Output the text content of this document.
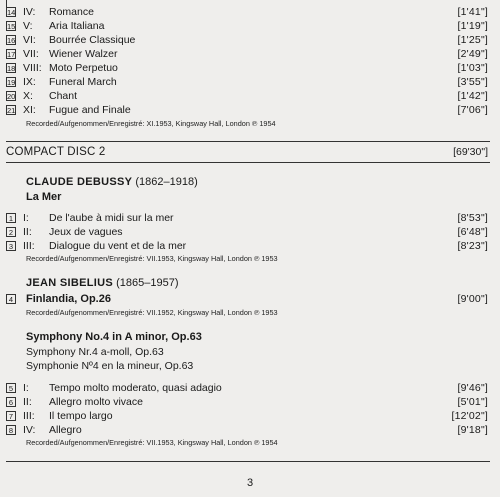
14 IV: Romance	[1'41"]
15 V: Aria Italiana	[1'19"]
16 VI: Bourrée Classique	[1'25"]
17 VII: Wiener Walzer	[2'49"]
18 VIII: Moto Perpetuo	[1'03"]
19 IX: Funeral March	[3'55"]
20 X: Chant	[1'42"]
21 XI: Fugue and Finale	[7'06"]
Recorded/Aufgenommen/Enregistré: XI.1953, Kingsway Hall, London ℗ 1954
COMPACT DISC 2	[69'30"]
CLAUDE DEBUSSY (1862–1918)
La Mer
1 I: De l'aube à midi sur la mer	[8'53"]
2 II: Jeux de vagues	[6'48"]
3 III: Dialogue du vent et de la mer	[8'23"]
Recorded/Aufgenommen/Enregistré: VII.1953, Kingsway Hall, London ℗ 1953
JEAN SIBELIUS (1865–1957)
4 Finlandia, Op.26	[9'00"]
Recorded/Aufgenommen/Enregistré: VII.1952, Kingsway Hall, London ℗ 1953
Symphony No.4 in A minor, Op.63
Symphony Nr.4 a-moll, Op.63
Symphonie Nº4 en la mineur, Op.63
5 I: Tempo molto moderato, quasi adagio	[9'46"]
6 II: Allegro molto vivace	[5'01"]
7 III: Il tempo largo	[12'02"]
8 IV: Allegro	[9'18"]
Recorded/Aufgenommen/Enregistré: VII.1953, Kingsway Hall, London ℗ 1954
3
